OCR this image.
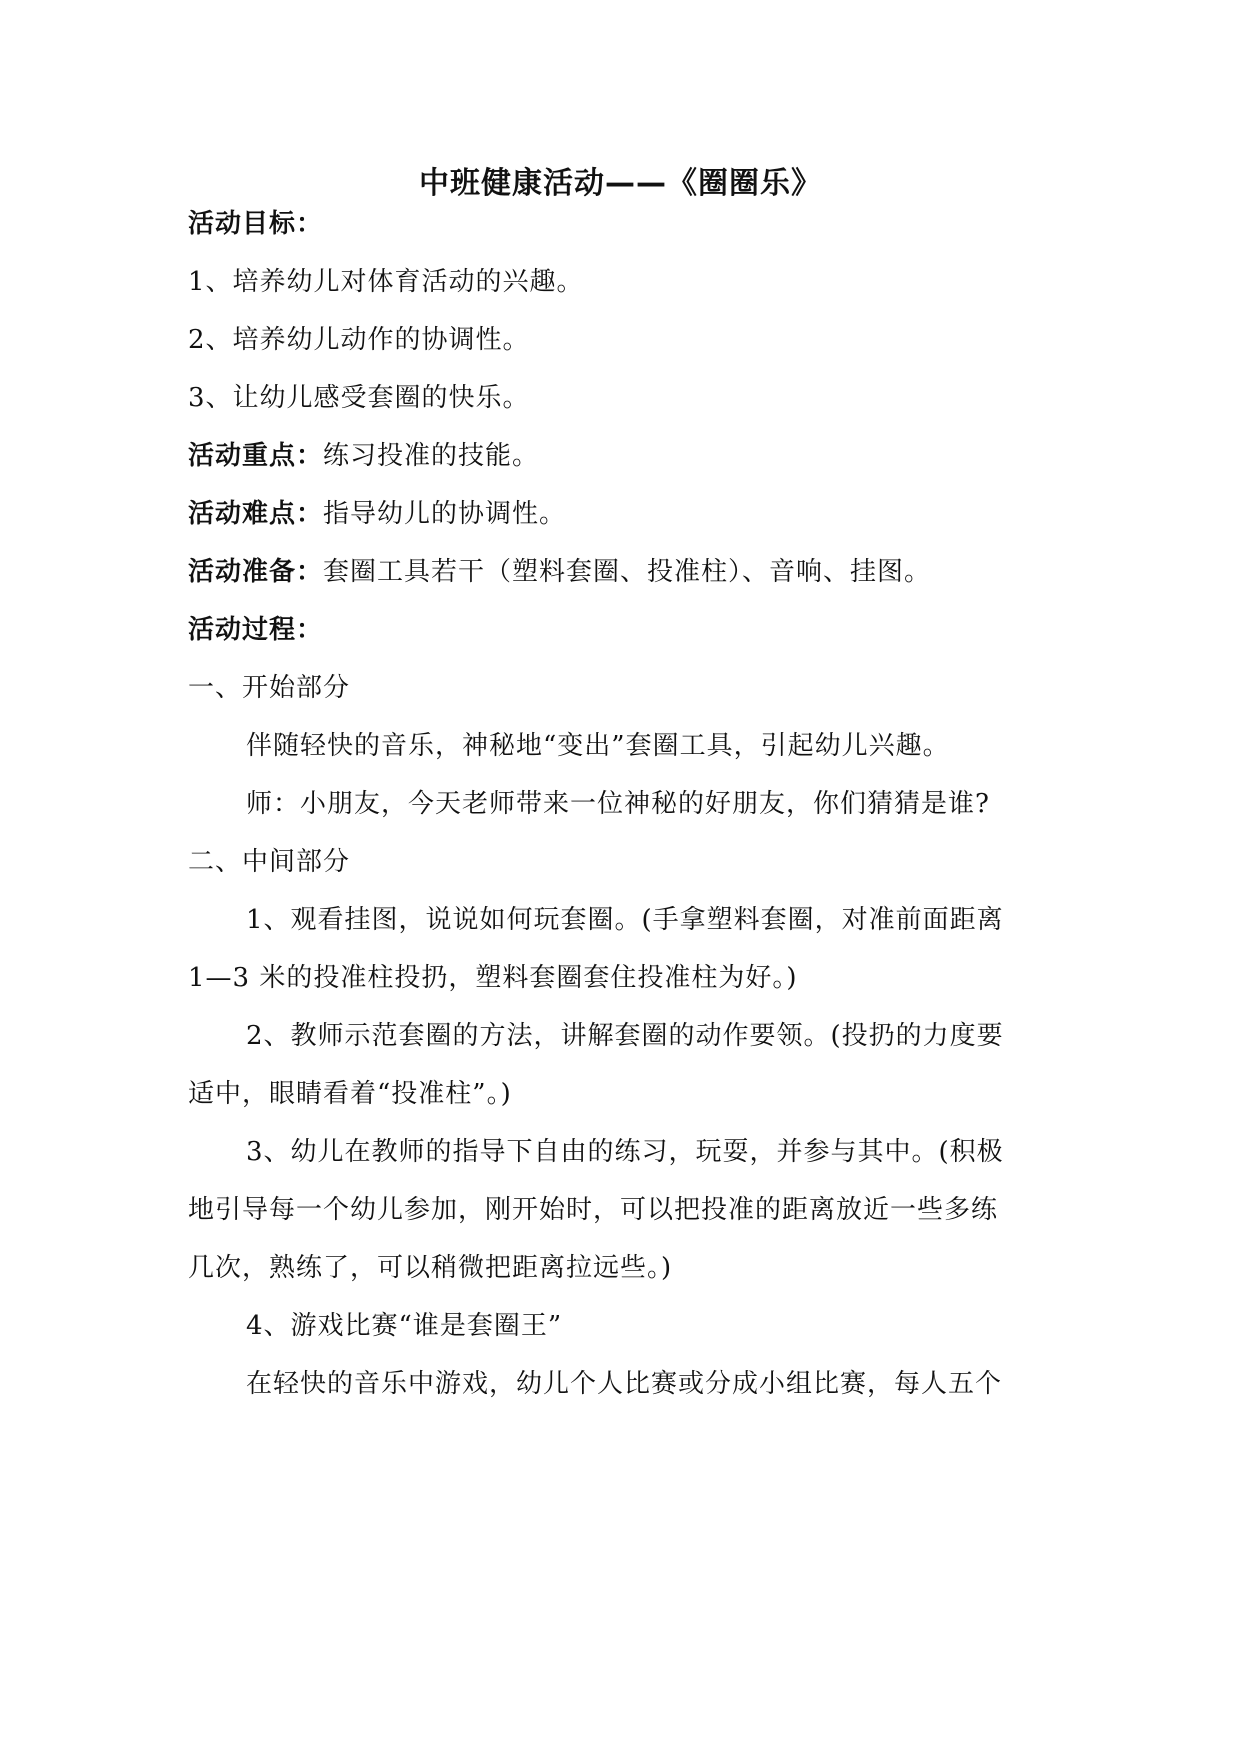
中班健康活动——《圈圈乐》
活动目标：
1、培养幼儿对体育活动的兴趣。
2、培养幼儿动作的协调性。
3、让幼儿感受套圈的快乐。
活动重点：练习投准的技能。
活动难点：指导幼儿的协调性。
活动准备：套圈工具若干（塑料套圈、投准柱）、音响、挂图。
活动过程：
一、开始部分
伴随轻快的音乐，神秘地“变出”套圈工具，引起幼儿兴趣。
师：小朋友，今天老师带来一位神秘的好朋友，你们猜猜是谁?
二、中间部分
1、观看挂图，说说如何玩套圈。(手拿塑料套圈，对准前面距离
1—3 米的投准柱投扔，塑料套圈套住投准柱为好。)
2、教师示范套圈的方法，讲解套圈的动作要领。(投扔的力度要
适中，眼睛看着“投准柱”。)
3、幼儿在教师的指导下自由的练习，玩耍，并参与其中。(积极
地引导每一个幼儿参加，刚开始时，可以把投准的距离放近一些多练
几次，熟练了，可以稍微把距离拉远些。)
4、游戏比赛“谁是套圈王”
在轻快的音乐中游戏，幼儿个人比赛或分成小组比赛，每人五个
